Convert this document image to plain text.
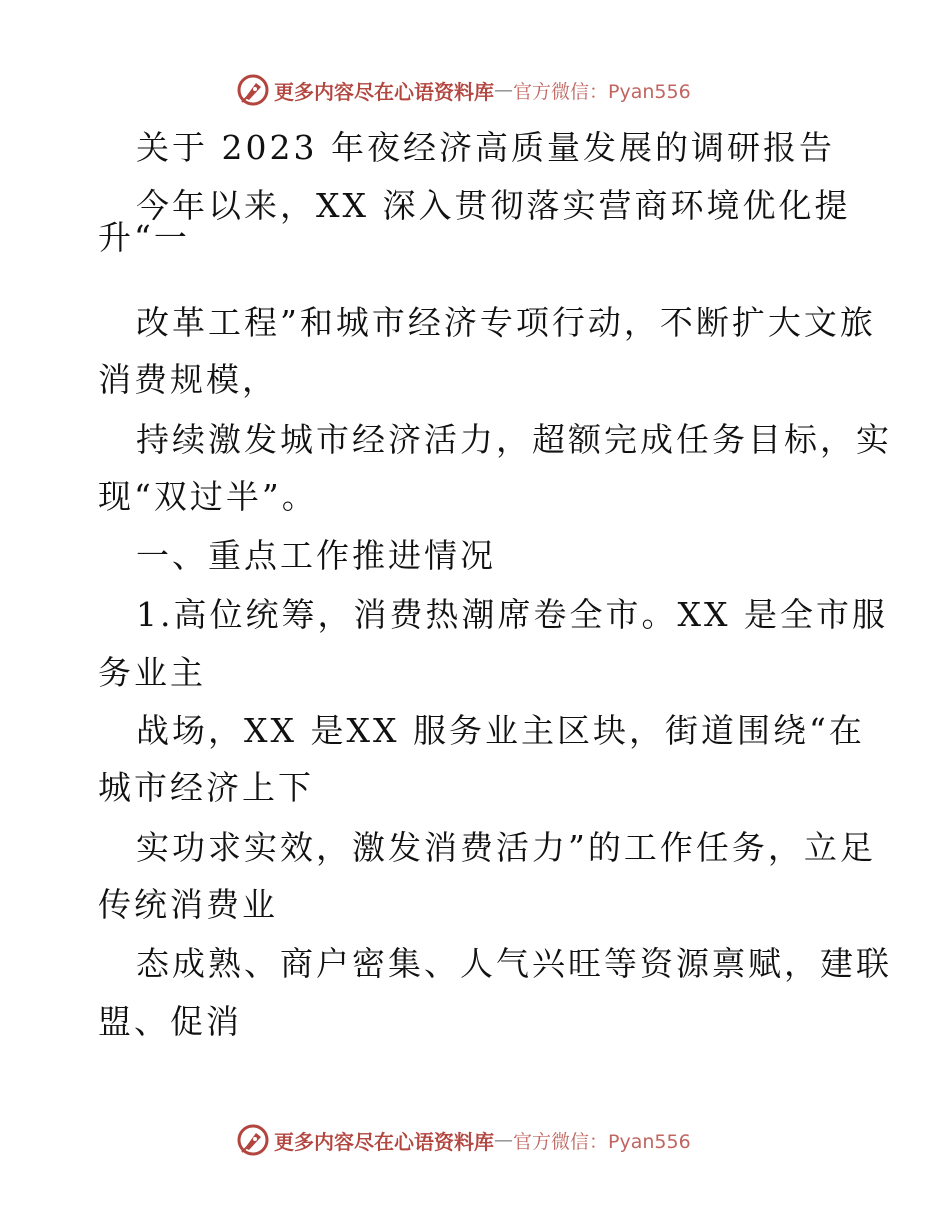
更多内容尽在心语资料库 — 官方微信：Pyan556
关于 2023 年夜经济高质量发展的调研报告
今年以来，XX 深入贯彻落实营商环境优化提
升“一
改革工程”和城市经济专项行动，不断扩大文旅
消费规模，
持续激发城市经济活力，超额完成任务目标，实
现“双过半”。
一、重点工作推进情况
1.高位统筹，消费热潮席卷全市。XX 是全市服
务业主
战场，XX 是XX 服务业主区块，街道围绕“在
城市经济上下
实功求实效，激发消费活力”的工作任务，立足
传统消费业
态成熟、商户密集、人气兴旺等资源禀赋，建联
盟、促消
更多内容尽在心语资料库 — 官方微信：Pyan556
